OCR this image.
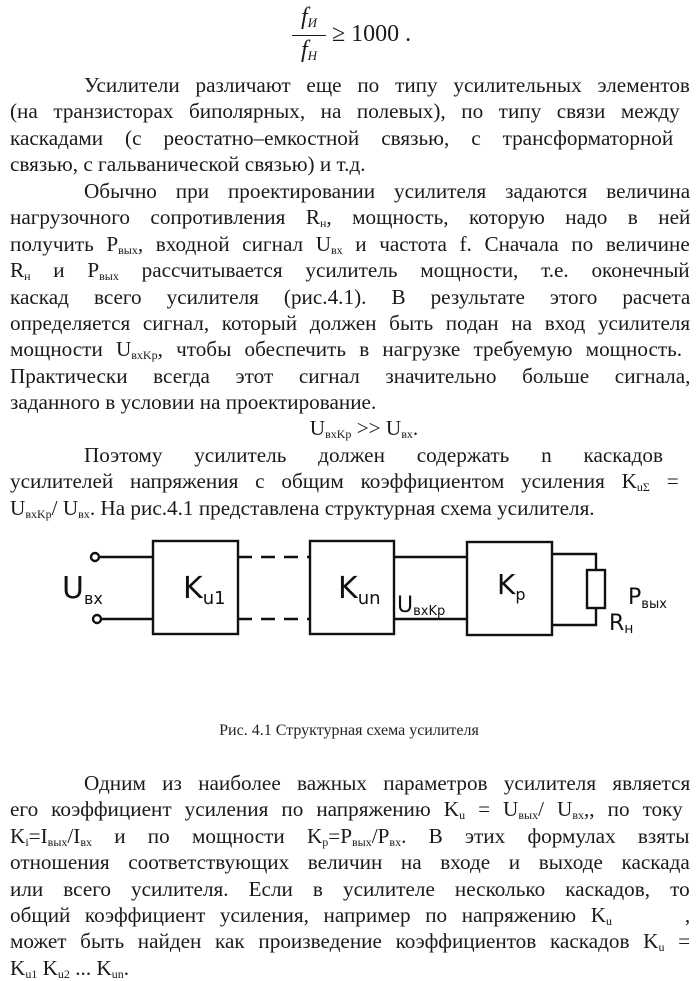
$f_И$
$f_Н$
≥ 1000 .
Усилители различают еще по типу усилительных элементов
(на транзисторах биполярных, на полевых), по типу связи между
каскадами (с реостатно–емкостной связью, с трансформаторной
связью, с гальванической связью) и т.д.
Обычно при проектировании усилителя задаются величина
нагрузочного сопротивления $R_н$, мощность, которую надо в ней
получить $P_{вых}$, входной сигнал $U_{вх}$ и частота f. Сначала по величине
$R_н$ и $P_{вых}$ рассчитывается усилитель мощности, т.е. оконечный
каскад всего усилителя (рис.4.1). В результате этого расчета
определяется сигнал, который должен быть подан на вход усилителя
мощности $U_{вхKp}$, чтобы обеспечить в нагрузке требуемую мощность.
Практически всегда этот сигнал значительно больше сигнала,
заданного в условии на проектирование.
$U_{вхKp} >> U_{вх}$.
Поэтому усилитель должен содержать n каскадов
усилителей напряжения с общим коэффициентом усиления $K_{u\Sigma}$ =
$U_{вхKp}/$ $U_{вх}$. На рис.4.1 представлена структурная схема усилителя.
$U_{вх}$	$K_{u1}$	$K_{un}$ UвхKp
$K_p$
Rн
Pвых
Рис. 4.1 Структурная схема усилителя
Одним из наиболее важных параметров усилителя является
его коэффициент усиления по напряжению $K_u = U_{вых}/$ $U_{вх}$,, по току
$K_i=I_{вых}/I_{вх}$  и  по  мощности  $K_p=P_{вых}/P_{вх}$.  В  этих  формулах  взяты
отношения соответствующих величин на входе и выходе каскада
или всего усилителя. Если в усилителе несколько каскадов, то
общий коэффициент усиления, например по напряжению $K_u$     ,
может быть найден как произведение коэффициентов каскадов $K_u$ =
$K_{u1}$ $K_{u2}$ ... $K_{un}$.
